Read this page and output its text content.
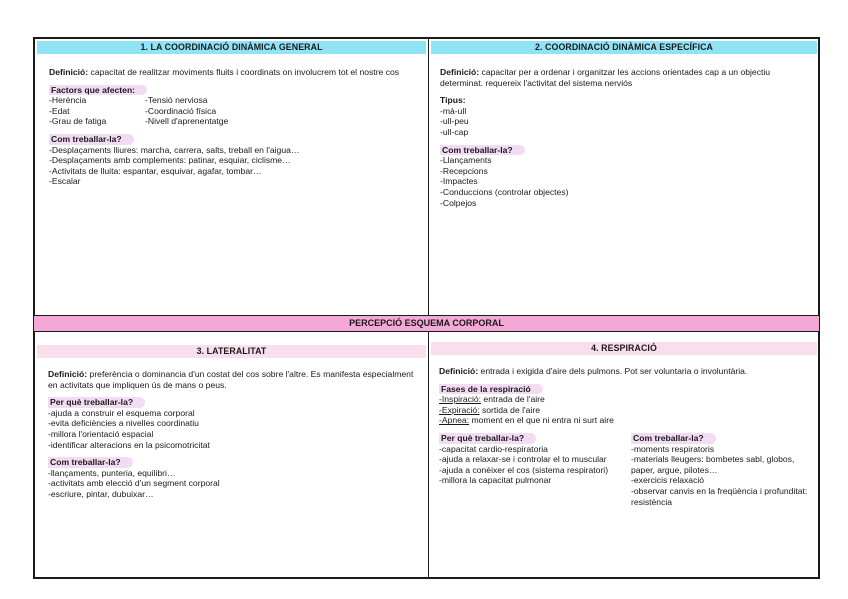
1. LA COORDINACIÓ DINÀMICA GENERAL

Definició: capacitat de realitzar moviments fluits i coordinats on involucrem tot el nostre cos

Factors que afecten:
-Herència
-Edat
-Grau de fatiga
-Tensió nerviosa
-Coordinació física
-Nivell d'aprenentatge
Com treballar-la?
-Desplaçaments lliures: marcha, carrera, salts, treball en l'aigua…
-Desplaçaments amb complements: patinar, esquiar, ciclisme…
-Activitats de lluita: espantar, esquivar, agafar, tombar…
-Escalar
2. COORDINACIÓ DINÀMICA ESPECÍFICA

Definició: capacitar per a ordenar i organitzar les accions orientades cap a un objectiu determinat. requereix l'activitat del sistema nerviós

Tipus:
-mà-ull
-ull-peu
-ull-cap
Com treballar-la?
-Llançaments
-Recepcions
-Impactes
-Conduccions (controlar objectes)
-Colpejos
PERCEPCIÓ ESQUEMA CORPORAL
3. LATERALITAT

Definició: preferència o dominancia d'un costat del cos sobre l'altre. Es manifesta especialment en activitats que impliquen ús de mans o peus.

Per què treballar-la?
-ajuda a construir el esquema corporal
-evita deficiències a nivelles coordinatiu
-millora l'orientació espacial
-identificar alteracions en la psicomotricitat
Com treballar-la?
-llançaments, punteria, equilibri…
-activitats amb elecció d'un segment corporal
-escriure, pintar, dubuixar…
4. RESPIRACIÓ

Definició: entrada i exigida d'aire dels pulmons. Pot ser voluntaria o involuntària.

Fases de la respiració
-Inspiració: entrada de l'aire
-Expiració: sortida de l'aire
-Apnea: moment en el que ni entra ni surt aire
Per què treballar-la?
-capacitat cardio-respiratoria
-ajuda a relaxar-se i controlar el to muscular
-ajuda a conèixer el cos (sistema respiratori)
-millora la capacitat pulmonar
Com treballar-la?
-moments respiratoris
-materials lleugers: bombetes sabl, globos, paper, argue, pilotes…
-exercicis relaxació
-observar canvis en la freqüència i profunditat: resistència
